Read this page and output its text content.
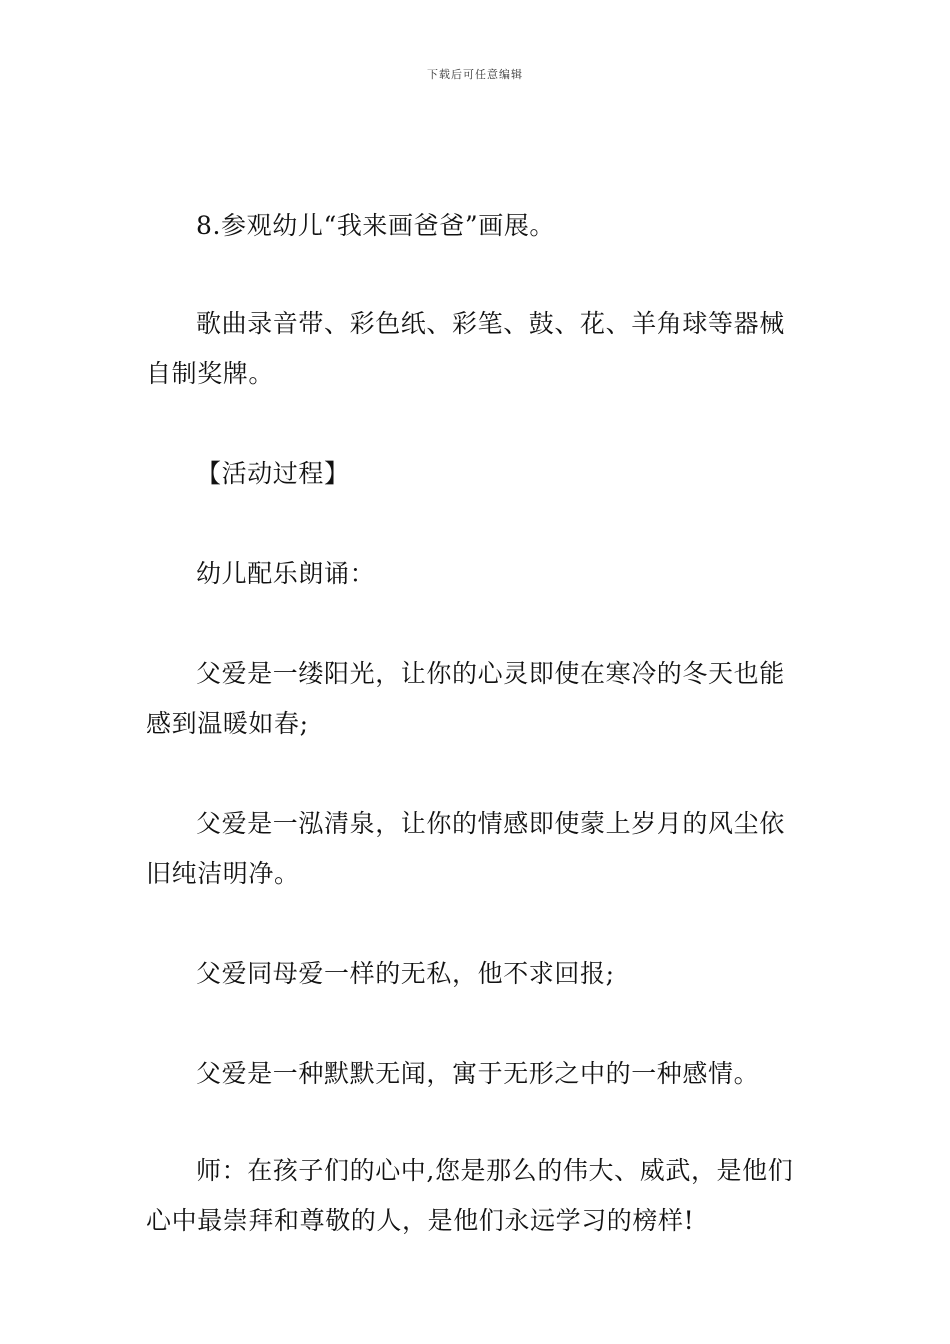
下载后可任意编辑

8.参观幼儿“我来画爸爸”画展。

歌曲录音带、彩色纸、彩笔、鼓、花、羊角球等器械自制奖牌。

【活动过程】

幼儿配乐朗诵：

父爱是一缕阳光，让你的心灵即使在寒冷的冬天也能感到温暖如春;

父爱是一泓清泉，让你的情感即使蒙上岁月的风尘依旧纯洁明净。

父爱同母爱一样的无私，他不求回报;

父爱是一种默默无闻，寓于无形之中的一种感情。

师：在孩子们的心中,您是那么的伟大、威武，是他们心中最崇拜和尊敬的人，是他们永远学习的榜样!
